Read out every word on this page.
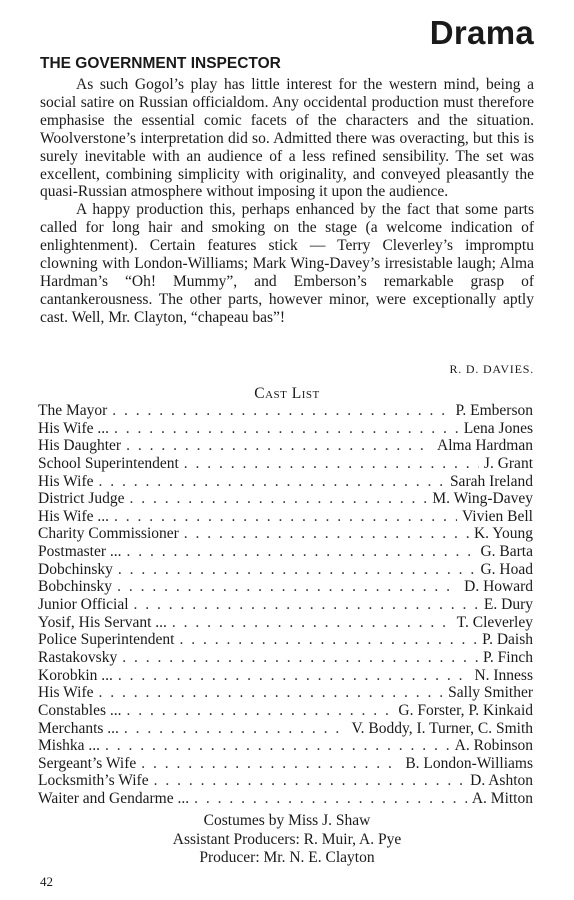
Drama
THE GOVERNMENT INSPECTOR

As such Gogol’s play has little interest for the western mind, being a social satire on Russian officialdom. Any occidental production must therefore emphasise the essential comic facets of the characters and the situation. Woolverstone’s interpretation did so. Admitted there was overacting, but this is surely inevitable with an audience of a less refined sensibility. The set was excellent, combining simplicity with originality, and conveyed pleasantly the quasi-Russian atmosphere without imposing it upon the audience.

A happy production this, perhaps enhanced by the fact that some parts called for long hair and smoking on the stage (a welcome indication of enlightenment). Certain features stick — Terry Cleverley’s impromptu clowning with London-Williams; Mark Wing-Davey’s irresistable laugh; Alma Hardman’s “Oh! Mummy”, and Emberson’s remarkable grasp of cantankerousness. The other parts, however minor, were exceptionally aptly cast. Well, Mr. Clayton, “chapeau bas”!

R. D. DAVIES.
Cast List
The Mayor . . .	P. Emberson
His Wife ... . . .	Lena Jones
His Daughter . . .	Alma Hardman
School Superintendent . . .	J. Grant
His Wife . . .	Sarah Ireland
District Judge . . .	M. Wing-Davey
His Wife ... . . .	Vivien Bell
Charity Commissioner . . .	K. Young
Postmaster ... . . .	G. Barta
Dobchinsky . . .	G. Hoad
Bobchinsky . . .	D. Howard
Junior Official . . .	E. Dury
Yosif, His Servant ... . . .	T. Cleverley
Police Superintendent . . .	P. Daish
Rastakovsky . . .	P. Finch
Korobkin ... . . .	N. Inness
His Wife . . .	Sally Smither
Constables ... . . .	G. Forster, P. Kinkaid
Merchants ... . . .	V. Boddy, I. Turner, C. Smith
Mishka ... . . .	A. Robinson
Sergeant’s Wife . . .	B. London-Williams
Locksmith’s Wife . . .	D. Ashton
Waiter and Gendarme ... . . .	A. Mitton
Costumes by Miss J. Shaw
Assistant Producers: R. Muir, A. Pye
Producer: Mr. N. E. Clayton
42
